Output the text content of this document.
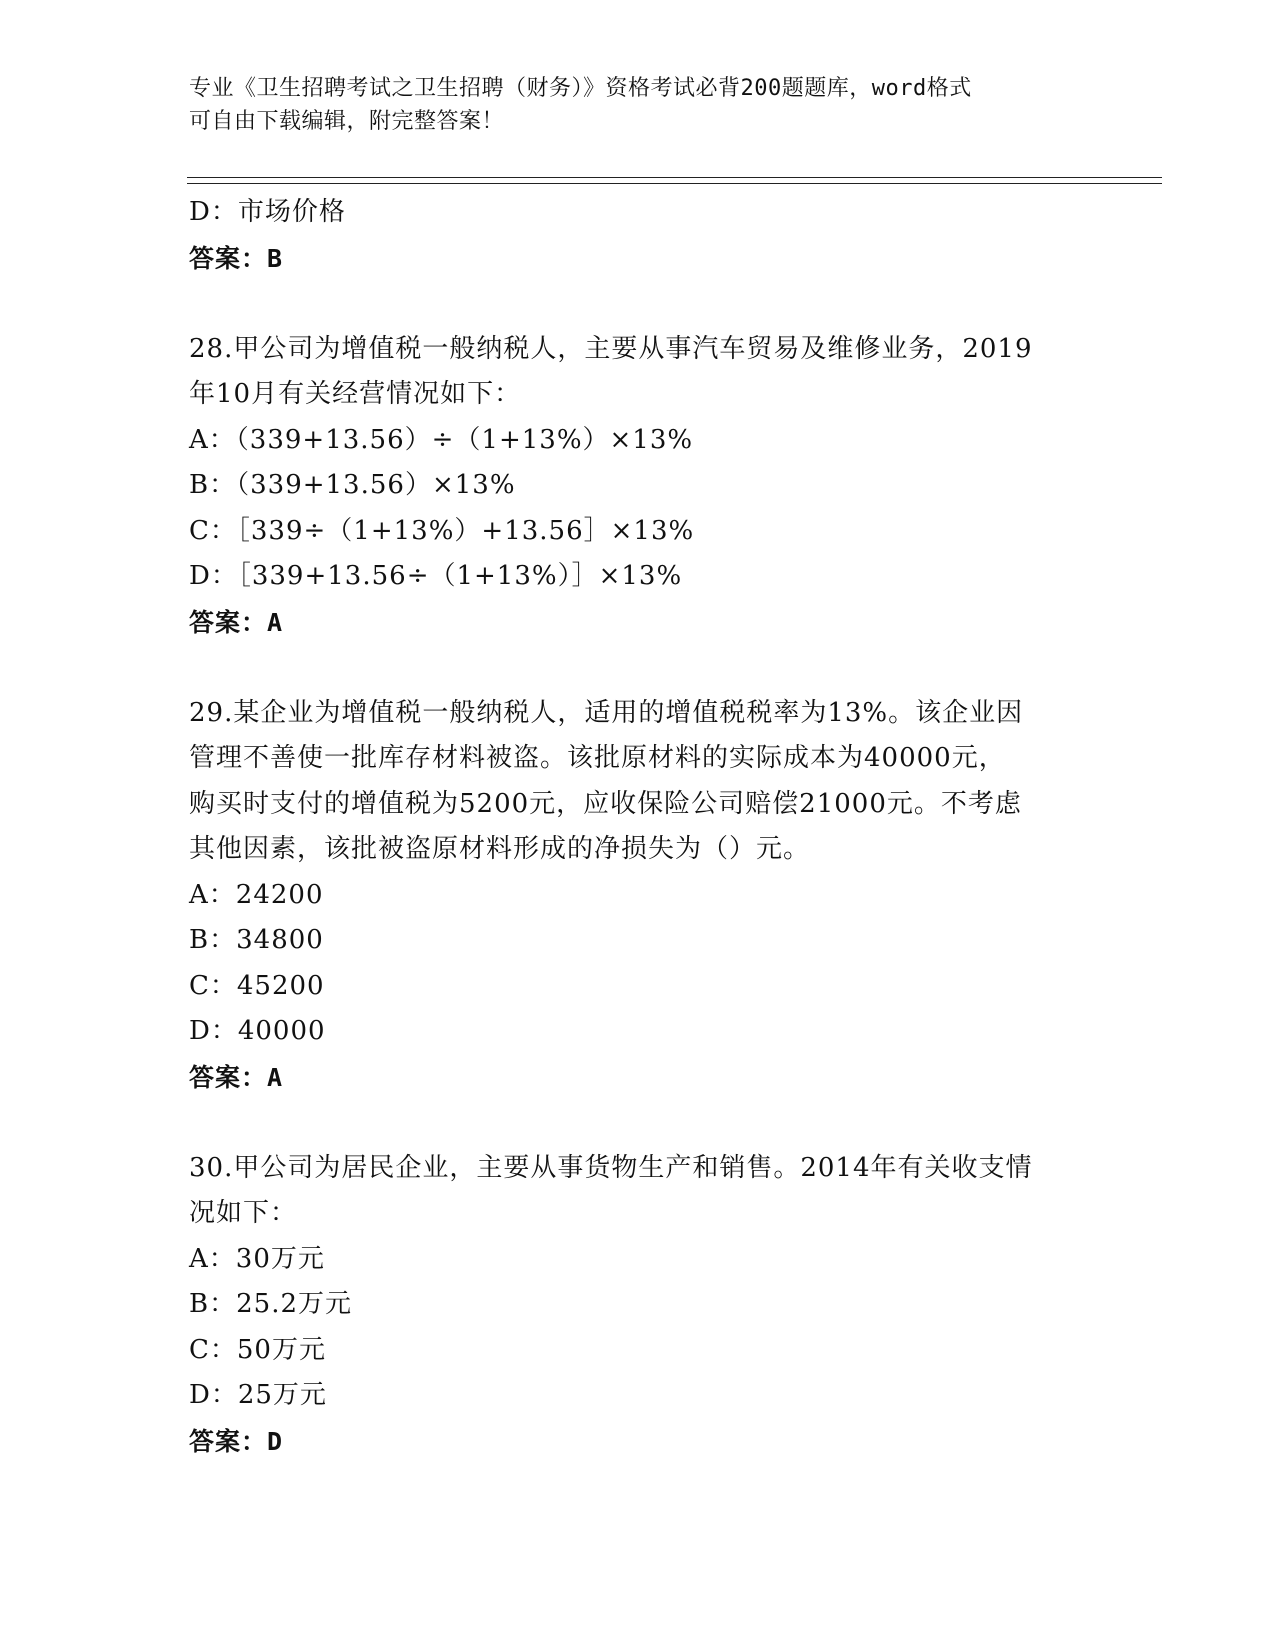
专业《卫生招聘考试之卫生招聘（财务）》资格考试必背200题题库，word格式
可自由下载编辑，附完整答案！
D：市场价格
答案：B
28.甲公司为增值税一般纳税人，主要从事汽车贸易及维修业务，2019
年10月有关经营情况如下：
A：（339+13.56）÷（1+13%）×13%
B：（339+13.56）×13%
C：［339÷（1+13%）+13.56］×13%
D：［339+13.56÷（1+13%）］×13%
答案：A
29.某企业为增值税一般纳税人，适用的增值税税率为13%。该企业因
管理不善使一批库存材料被盗。该批原材料的实际成本为40000元，
购买时支付的增值税为5200元，应收保险公司赔偿21000元。不考虑
其他因素，该批被盗原材料形成的净损失为（）元。
A：24200
B：34800
C：45200
D：40000
答案：A
30.甲公司为居民企业，主要从事货物生产和销售。2014年有关收支情
况如下：
A：30万元
B：25.2万元
C：50万元
D：25万元
答案：D
